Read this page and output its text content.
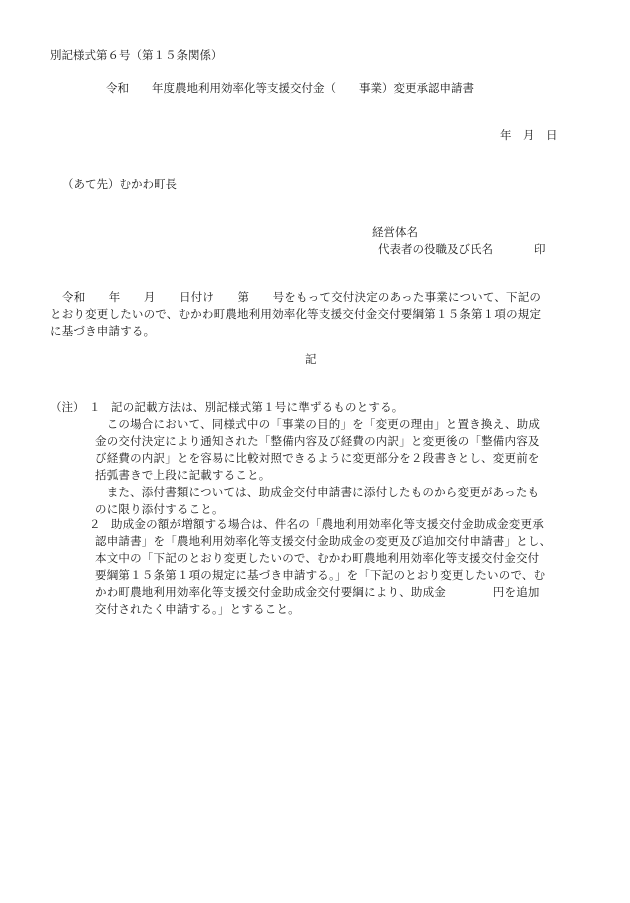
別記様式第６号（第１５条関係）
令和　　年度農地利用効率化等支援交付金（　　事業）変更承認申請書
年　月　日
（あて先）むかわ町長
経営体名
代表者の役職及び氏名	印
令和　　年　　月　　日付け　　第　　号をもって交付決定のあった事業について、下記の
とおり変更したいので、むかわ町農地利用効率化等支援交付金交付要綱第１５条第１項の規定
に基づき申請する。
記
（注） １ 記の記載方法は、別記様式第１号に準ずるものとする。
　この場合において、同様式中の「事業の目的」を「変更の理由」と置き換え、助成
金の交付決定により通知された「整備内容及び経費の内訳」と変更後の「整備内容及
び経費の内訳」とを容易に比較対照できるように変更部分を２段書きとし、変更前を
括弧書きで上段に記載すること。
　また、添付書類については、助成金交付申請書に添付したものから変更があったも
のに限り添付すること。
２ 助成金の額が増額する場合は、件名の「農地利用効率化等支援交付金助成金変更承
認申請書」を「農地利用効率化等支援交付金助成金の変更及び追加交付申請書」とし、
本文中の「下記のとおり変更したいので、むかわ町農地利用効率化等支援交付金交付
要綱第１５条第１項の規定に基づき申請する。」を「下記のとおり変更したいので、む
かわ町農地利用効率化等支援交付金助成金交付要綱により、助成金　　　　円を追加
交付されたく申請する。」とすること。
